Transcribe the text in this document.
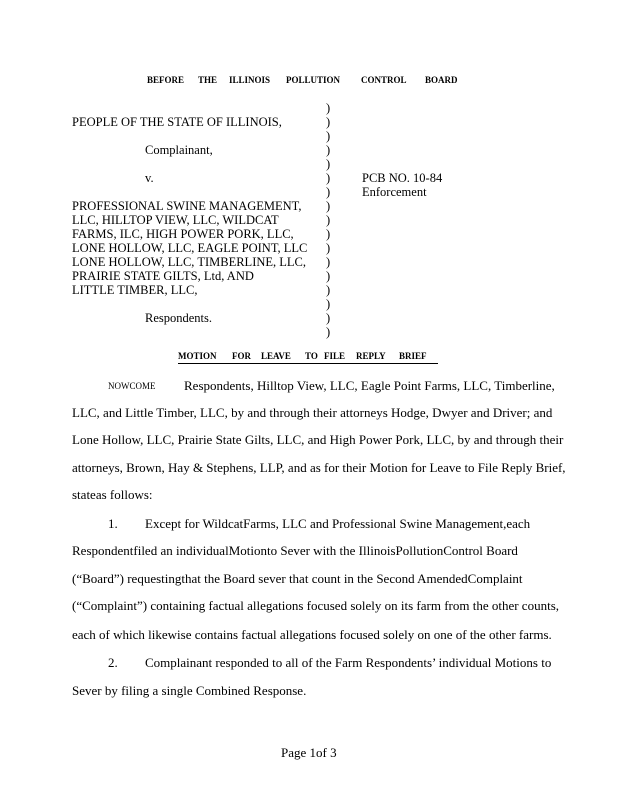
BEFORE THE ILLINOIS POLLUTION CONTROL BOARD
PEOPLE OF THE STATE OF ILLINOIS,
Complainant,
v.
PROFESSIONAL SWINE MANAGEMENT,
LLC, HILLTOP VIEW, LLC, WILDCAT
FARMS, ILC, HIGH POWER PORK, LLC,
LONE HOLLOW, LLC, EAGLE POINT, LLC
LONE HOLLOW, LLC, TIMBERLINE, LLC,
PRAIRIE STATE GILTS, Ltd, AND
LITTLE TIMBER, LLC,
Respondents.
)
)
)
)
)
)
)
)
)
)
)
)
)
)
)
)
)
PCB NO. 10-84
Enforcement
MOTION FOR LEAVE TO FILE REPLY BRIEF
NOWCOME Respondents, Hilltop View, LLC, Eagle Point Farms, LLC, Timberline,
LLC, and Little Timber, LLC, by and through their attorneys Hodge, Dwyer and Driver; and
Lone Hollow, LLC, Prairie State Gilts, LLC, and High Power Pork, LLC, by and through their
attorneys, Brown, Hay & Stephens, LLP, and as for their Motion for Leave to File Reply Brief,
stateas follows:
1. Except for WildcatFarms, LLC and Professional Swine Management,each
Respondentfiled an individualMotionto Sever with the IllinoisPollutionControl Board
(“Board”) requestingthat the Board sever that count in the Second AmendedComplaint
(“Complaint”) containing factual allegations focused solely on its farm from the other counts,
each of which likewise contains factual allegations focused solely on one of the other farms.
2. Complainant responded to all of the Farm Respondents’ individual Motions to
Sever by filing a single Combined Response.
Page 1of 3
